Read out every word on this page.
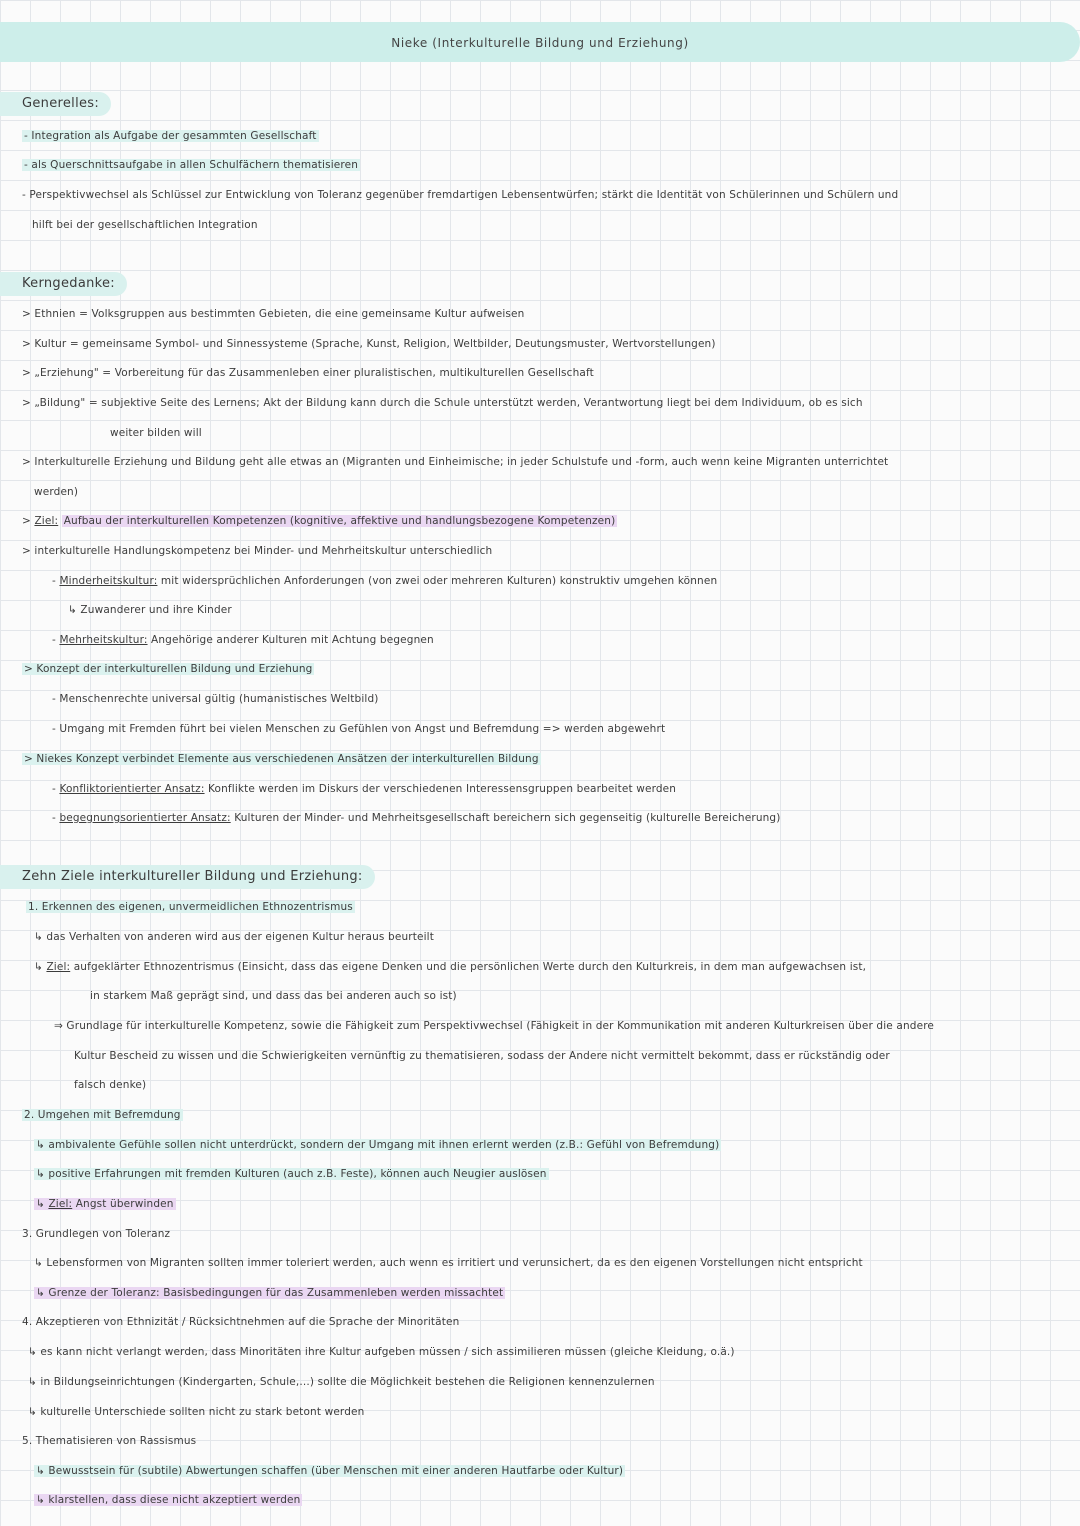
Nieke (Interkulturelle Bildung und Erziehung)
Generelles:
- Integration als Aufgabe der gesammten Gesellschaft
- als Querschnittsaufgabe in allen Schulfächern thematisieren
- Perspektivwechsel als Schlüssel zur Entwicklung von Toleranz gegenüber fremdartigen Lebensentwürfen; stärkt die Identität von Schülerinnen und Schülern und
hilft bei der gesellschaftlichen Integration
Kerngedanke:
> Ethnien = Volksgruppen aus bestimmten Gebieten, die eine gemeinsame Kultur aufweisen
> Kultur = gemeinsame Symbol- und Sinnessysteme (Sprache, Kunst, Religion, Weltbilder, Deutungsmuster, Wertvorstellungen)
> „Erziehung" = Vorbereitung für das Zusammenleben einer pluralistischen, multikulturellen Gesellschaft
> „Bildung" = subjektive Seite des Lernens; Akt der Bildung kann durch die Schule unterstützt werden, Verantwortung liegt bei dem Individuum, ob es sich
weiter bilden will
> Interkulturelle Erziehung und Bildung geht alle etwas an (Migranten und Einheimische; in jeder Schulstufe und -form, auch wenn keine Migranten unterrichtet
werden)
> Ziel: Aufbau der interkulturellen Kompetenzen (kognitive, affektive und handlungsbezogene Kompetenzen)
> interkulturelle Handlungskompetenz bei Minder- und Mehrheitskultur unterschiedlich
- Minderheitskultur: mit widersprüchlichen Anforderungen (von zwei oder mehreren Kulturen) konstruktiv umgehen können
↳ Zuwanderer und ihre Kinder
- Mehrheitskultur: Angehörige anderer Kulturen mit Achtung begegnen
> Konzept der interkulturellen Bildung und Erziehung
- Menschenrechte universal gültig (humanistisches Weltbild)
- Umgang mit Fremden führt bei vielen Menschen zu Gefühlen von Angst und Befremdung => werden abgewehrt
> Niekes Konzept verbindet Elemente aus verschiedenen Ansätzen der interkulturellen Bildung
- Konfliktorientierter Ansatz: Konflikte werden im Diskurs der verschiedenen Interessensgruppen bearbeitet werden
- begegnungsorientierter Ansatz: Kulturen der Minder- und Mehrheitsgesellschaft bereichern sich gegenseitig (kulturelle Bereicherung)
Zehn Ziele interkultureller Bildung und Erziehung:
1. Erkennen des eigenen, unvermeidlichen Ethnozentrismus
↳ das Verhalten von anderen wird aus der eigenen Kultur heraus beurteilt
↳ Ziel: aufgeklärter Ethnozentrismus (Einsicht, dass das eigene Denken und die persönlichen Werte durch den Kulturkreis, in dem man aufgewachsen ist,
in starkem Maß geprägt sind, und dass das bei anderen auch so ist)
⇒ Grundlage für interkulturelle Kompetenz, sowie die Fähigkeit zum Perspektivwechsel (Fähigkeit in der Kommunikation mit anderen Kulturkreisen über die andere
Kultur Bescheid zu wissen und die Schwierigkeiten vernünftig zu thematisieren, sodass der Andere nicht vermittelt bekommt, dass er rückständig oder
falsch denke)
2. Umgehen mit Befremdung
↳ ambivalente Gefühle sollen nicht unterdrückt, sondern der Umgang mit ihnen erlernt werden (z.B.: Gefühl von Befremdung)
↳ positive Erfahrungen mit fremden Kulturen (auch z.B. Feste), können auch Neugier auslösen
↳ Ziel: Angst überwinden
3. Grundlegen von Toleranz
↳ Lebensformen von Migranten sollten immer toleriert werden, auch wenn es irritiert und verunsichert, da es den eigenen Vorstellungen nicht entspricht
↳ Grenze der Toleranz: Basisbedingungen für das Zusammenleben werden missachtet
4. Akzeptieren von Ethnizität / Rücksichtnehmen auf die Sprache der Minoritäten
↳ es kann nicht verlangt werden, dass Minoritäten ihre Kultur aufgeben müssen / sich assimilieren müssen (gleiche Kleidung, o.ä.)
↳ in Bildungseinrichtungen (Kindergarten, Schule,...) sollte die Möglichkeit bestehen die Religionen kennenzulernen
↳ kulturelle Unterschiede sollten nicht zu stark betont werden
5. Thematisieren von Rassismus
↳ Bewusstsein für (subtile) Abwertungen schaffen (über Menschen mit einer anderen Hautfarbe oder Kultur)
↳ klarstellen, dass diese nicht akzeptiert werden
